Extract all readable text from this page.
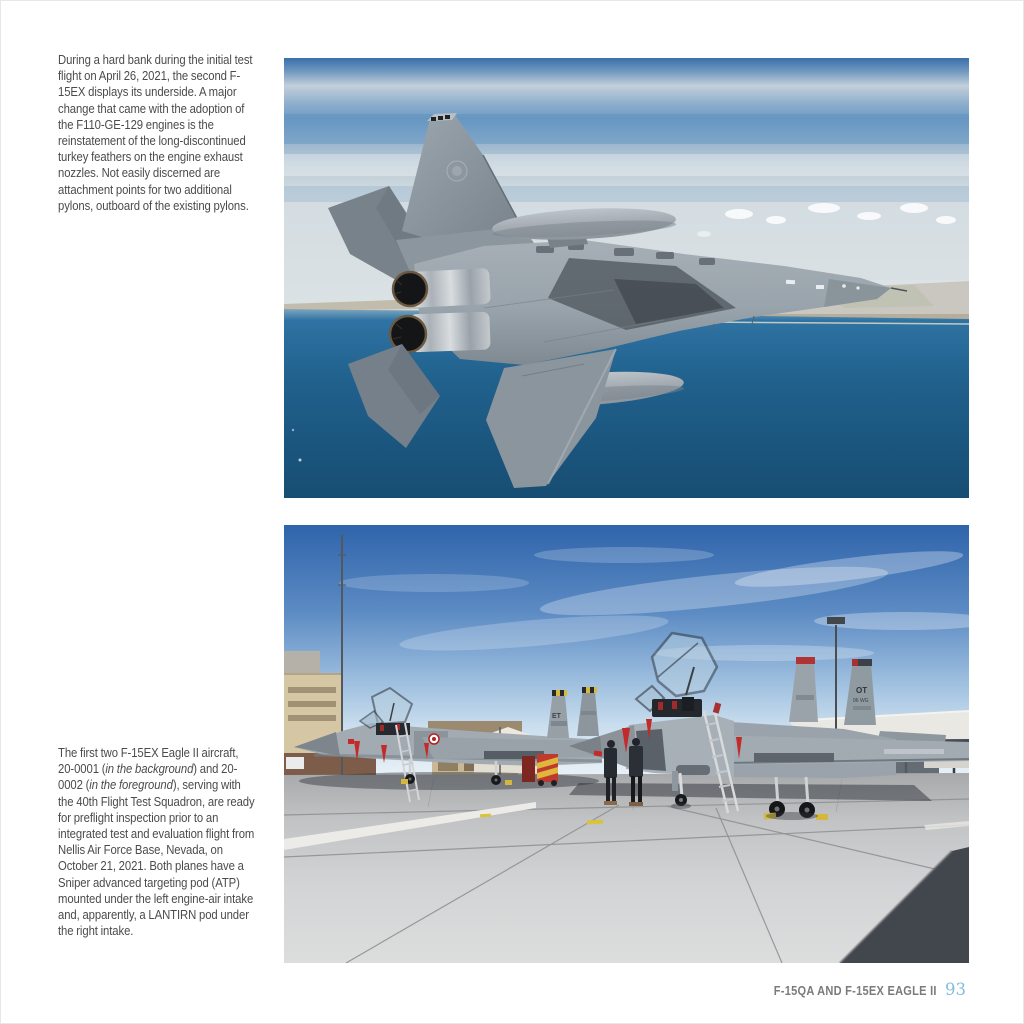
During a hard bank during the initial test flight on April 26, 2021, the second F-15EX displays its underside. A major change that came with the adoption of the F110-GE-129 engines is the reinstatement of the long-discontinued turkey feathers on the engine exhaust nozzles. Not easily discerned are attachment points for two additional pylons, outboard of the existing pylons.
ET
OT
96 WG
The first two F-15EX Eagle II aircraft, 20-0001 (in the background) and 20-0002 (in the foreground), serving with the 40th Flight Test Squadron, are ready for preflight inspection prior to an integrated test and evaluation flight from Nellis Air Force Base, Nevada, on October 21, 2021. Both planes have a Sniper advanced targeting pod (ATP) mounted under the left engine-air intake and, apparently, a LANTIRN pod under the right intake.
F-15QA AND F-15EX EAGLE II 93
